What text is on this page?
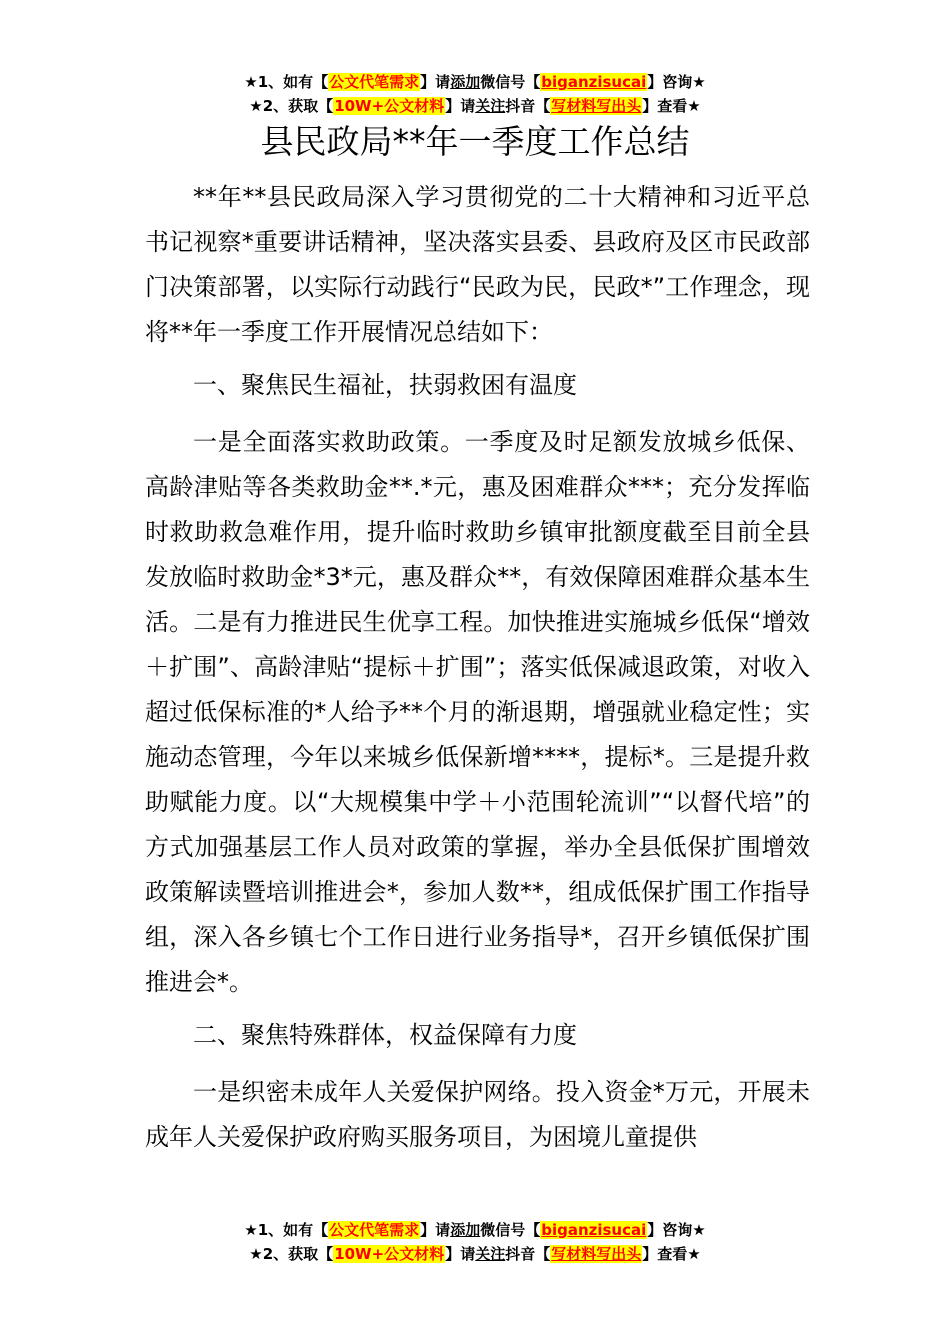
★1、如有【公文代笔需求】请添加微信号【biganzisucai】咨询★
★2、获取【10W+公文材料】请关注抖音【写材料写出头】查看★
县民政局**年一季度工作总结

**年**县民政局深入学习贯彻党的二十大精神和习近平总书记视察*重要讲话精神，坚决落实县委、县政府及区市民政部门决策部署，以实际行动践行“民政为民，民政*”工作理念，现将**年一季度工作开展情况总结如下：

一、聚焦民生福祉，扶弱救困有温度

一是全面落实救助政策。一季度及时足额发放城乡低保、高龄津贴等各类救助金**.*元，惠及困难群众***；充分发挥临时救助救急难作用，提升临时救助乡镇审批额度截至目前全县发放临时救助金*3*元，惠及群众**，有效保障困难群众基本生活。二是有力推进民生优享工程。加快推进实施城乡低保“增效＋扩围”、高龄津贴“提标＋扩围”；落实低保减退政策，对收入超过低保标准的*人给予**个月的渐退期，增强就业稳定性；实施动态管理，今年以来城乡低保新增****，提标*。三是提升救助赋能力度。以“大规模集中学＋小范围轮流训”“以督代培”的方式加强基层工作人员对政策的掌握，举办全县低保扩围增效政策解读暨培训推进会*，参加人数**，组成低保扩围工作指导组，深入各乡镇七个工作日进行业务指导*，召开乡镇低保扩围推进会*。

二、聚焦特殊群体，权益保障有力度

一是织密未成年人关爱保护网络。投入资金*万元，开展未成年人关爱保护政府购买服务项目，为困境儿童提供

★1、如有【公文代笔需求】请添加微信号【biganzisucai】咨询★
★2、获取【10W+公文材料】请关注抖音【写材料写出头】查看★
